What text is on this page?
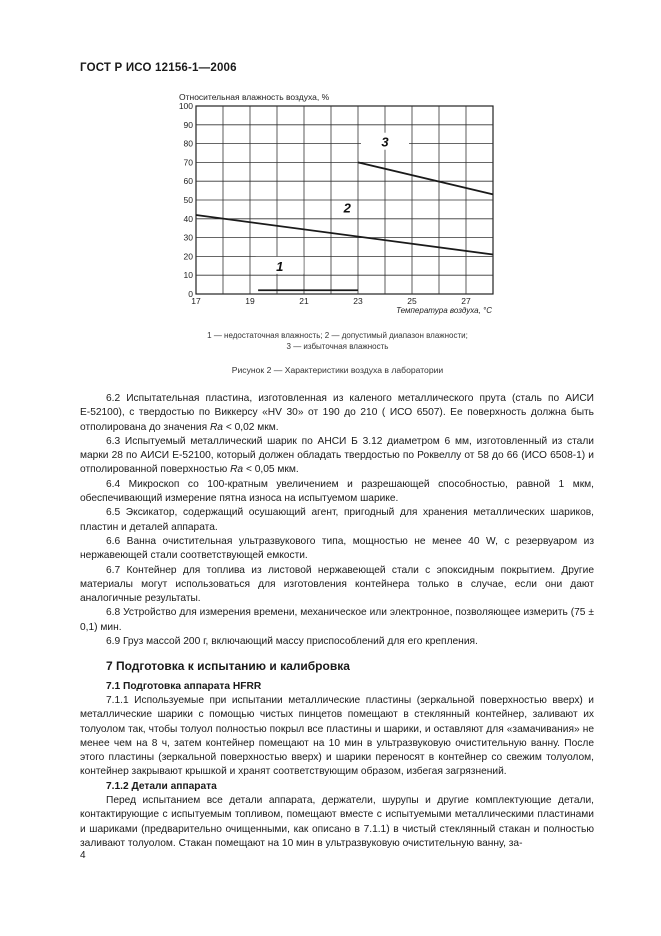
ГОСТ Р ИСО 12156-1—2006
Относительная влажность воздуха, %
0
10
20
30
40
50
60
70
80
90
100
17	19	21	23	25	27
1
2
3
Температура воздуха, °C
1 — недостаточная влажность; 2 — допустимый диапазон влажности;
3 — избыточная влажность
Рисунок 2 — Характеристики воздуха в лаборатории

6.2 Испытательная пластина, изготовленная из каленого металлического прута (сталь по АИСИ Е-52100), с твердостью по Виккерсу «HV 30» от 190 до 210 ( ИСО 6507). Ее поверхность должна быть отполирована до значения Ra < 0,02 мкм.

6.3 Испытуемый металлический шарик по АНСИ Б 3.12 диаметром 6 мм, изготовленный из стали марки 28 по АИСИ Е-52100, который должен обладать твердостью по Роквеллу от 58 до 66 (ИСО 6508-1) и отполированной поверхностью Ra < 0,05 мкм.

6.4 Микроскоп со 100-кратным увеличением и разрешающей способностью, равной 1 мкм, обеспечивающий измерение пятна износа на испытуемом шарике.

6.5 Эксикатор, содержащий осушающий агент, пригодный для хранения металлических шариков, пластин и деталей аппарата.

6.6 Ванна очистительная ультразвукового типа, мощностью не менее 40 W, с резервуаром из нержавеющей стали соответствующей емкости.

6.7 Контейнер для топлива из листовой нержавеющей стали с эпоксидным покрытием. Другие материалы могут использоваться для изготовления контейнера только в случае, если они дают аналогичные результаты.

6.8 Устройство для измерения времени, механическое или электронное, позволяющее измерить (75 ± 0,1) мин.

6.9 Груз массой 200 г, включающий массу приспособлений для его крепления.

7 Подготовка к испытанию и калибровка

7.1 Подготовка аппарата HFRR

7.1.1 Используемые при испытании металлические пластины (зеркальной поверхностью вверх) и металлические шарики с помощью чистых пинцетов помещают в стеклянный контейнер, заливают их толуолом так, чтобы толуол полностью покрыл все пластины и шарики, и оставляют для «замачивания» не менее чем на 8 ч, затем контейнер помещают на 10 мин в ультразвуковую очистительную ванну. После этого пластины (зеркальной поверхностью вверх) и шарики переносят в контейнер со свежим толуолом, контейнер закрывают крышкой и хранят соответствующим образом, избегая загрязнений.

7.1.2 Детали аппарата

Перед испытанием все детали аппарата, держатели, шурупы и другие комплектующие детали, контактирующие с испытуемым топливом, помещают вместе с испытуемыми металлическими пластинами и шариками (предварительно очищенными, как описано в 7.1.1) в чистый стеклянный стакан и полностью заливают толуолом. Стакан помещают на 10 мин в ультразвуковую очистительную ванну, за-

4
